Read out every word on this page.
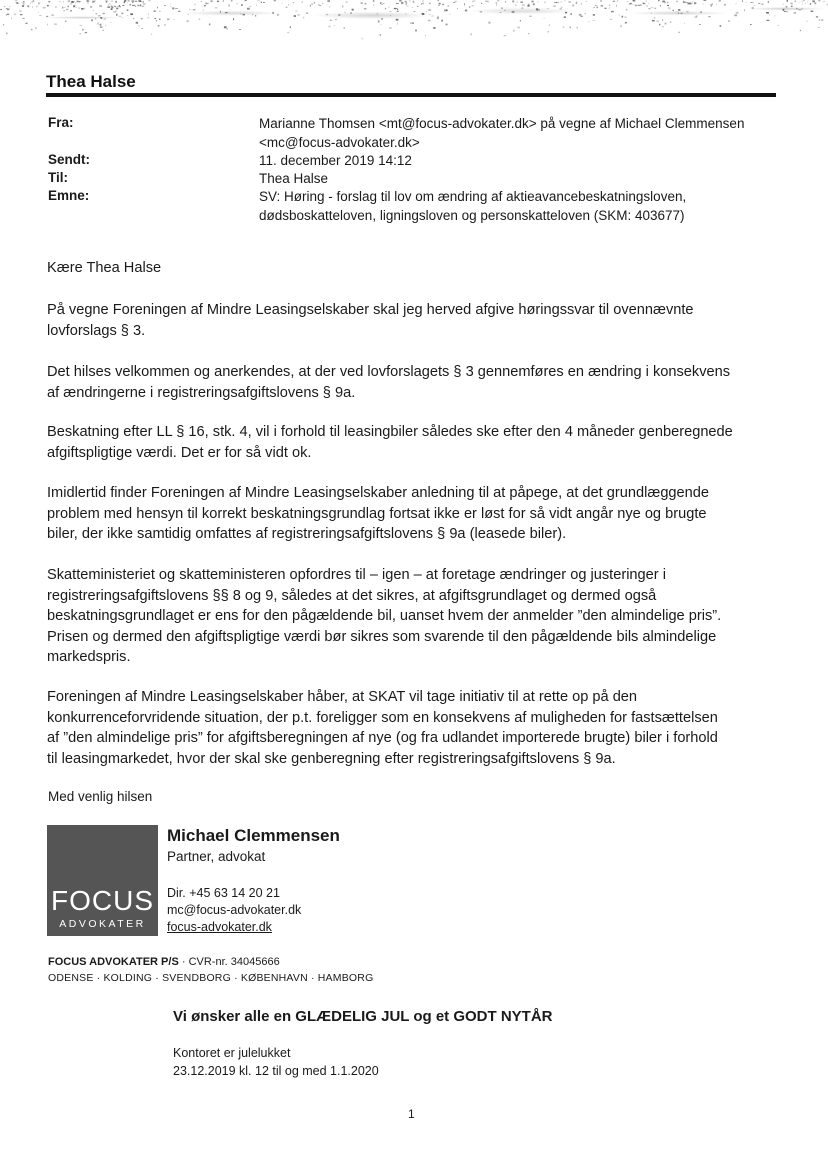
Thea Halse
Fra:	Marianne Thomsen <mt@focus-advokater.dk> på vegne af Michael Clemmensen
<mc@focus-advokater.dk>
Sendt:	11. december 2019 14:12
Til:	Thea Halse
Emne:	SV: Høring - forslag til lov om ændring af aktieavancebeskatningsloven,
dødsboskatteloven, ligningsloven og personskatteloven (SKM: 403677)
Kære Thea Halse

På vegne Foreningen af Mindre Leasingselskaber skal jeg herved afgive høringssvar til ovennævnte

lovforslags § 3.

Det hilses velkommen og anerkendes, at der ved lovforslagets § 3 gennemføres en ændring i konsekvens

af ændringerne i registreringsafgiftslovens § 9a.

Beskatning efter LL § 16, stk. 4, vil i forhold til leasingbiler således ske efter den 4 måneder genberegnede

afgiftspligtige værdi. Det er for så vidt ok.

Imidlertid finder Foreningen af Mindre Leasingselskaber anledning til at påpege, at det grundlæggende

problem med hensyn til korrekt beskatningsgrundlag fortsat ikke er løst for så vidt angår nye og brugte

biler, der ikke samtidig omfattes af registreringsafgiftslovens § 9a (leasede biler).

Skatteministeriet og skatteministeren opfordres til – igen – at foretage ændringer og justeringer i

registreringsafgiftslovens §§ 8 og 9, således at det sikres, at afgiftsgrundlaget og dermed også

beskatningsgrundlaget er ens for den pågældende bil, uanset hvem der anmelder ”den almindelige pris”.

Prisen og dermed den afgiftspligtige værdi bør sikres som svarende til den pågældende bils almindelige

markedspris.

Foreningen af Mindre Leasingselskaber håber, at SKAT vil tage initiativ til at rette op på den

konkurrenceforvridende situation, der p.t. foreligger som en konsekvens af muligheden for fastsættelsen

af ”den almindelige pris” for afgiftsberegningen af nye (og fra udlandet importerede brugte) biler i forhold

til leasingmarkedet, hvor der skal ske genberegning efter registreringsafgiftslovens § 9a.

Med venlig hilsen
FOCUS
ADVOKATER
Michael Clemmensen
Partner, advokat
Dir. +45 63 14 20 21
mc@focus-advokater.dk
focus-advokater.dk
FOCUS ADVOKATER P/S · CVR-nr. 34045666
ODENSE · KOLDING · SVENDBORG · KØBENHAVN · HAMBORG
Vi ønsker alle en GLÆDELIG JUL og et GODT NYTÅR
Kontoret er julelukket
23.12.2019 kl. 12 til og med 1.1.2020
1
